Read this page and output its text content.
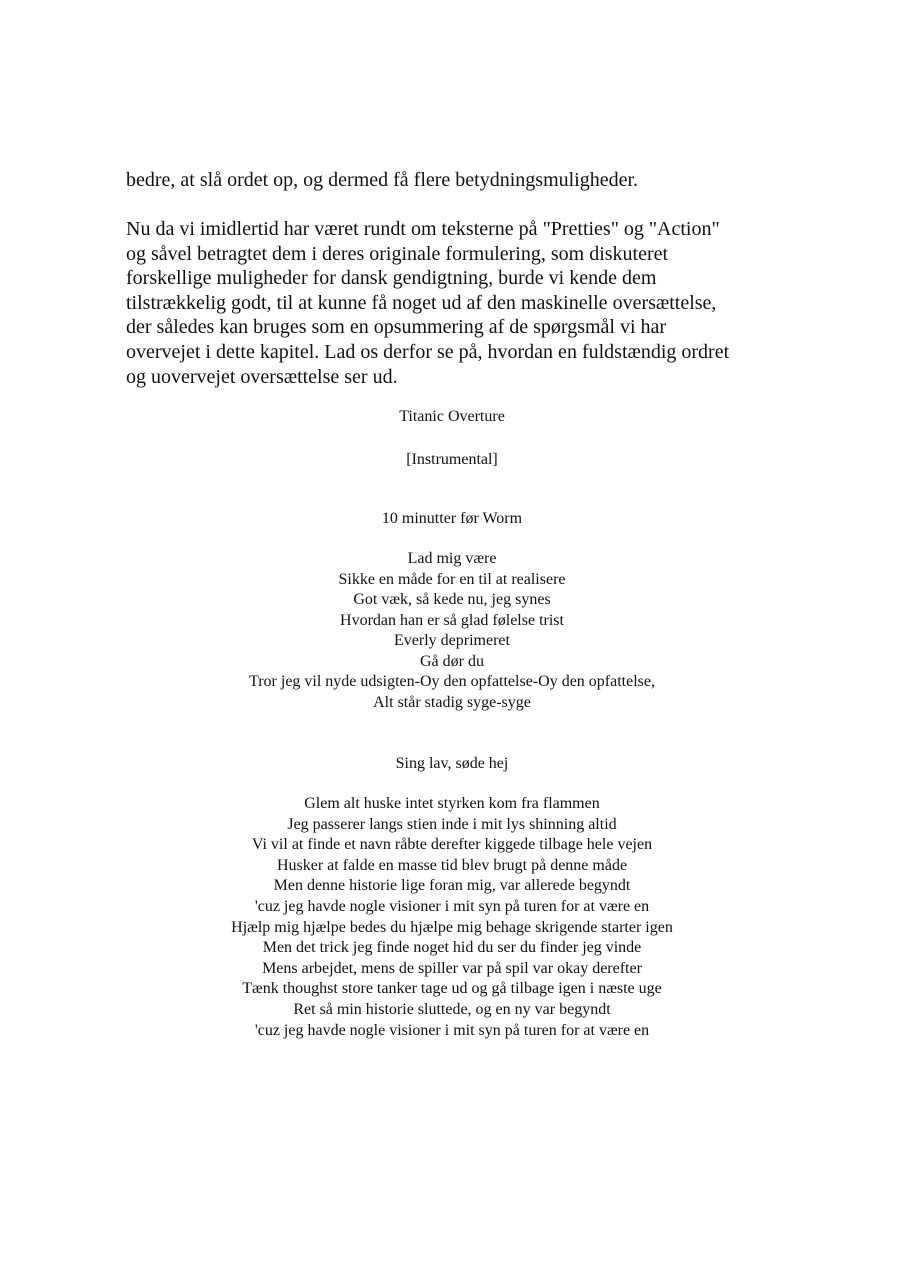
bedre, at slå ordet op, og dermed få flere betydningsmuligheder.

Nu da vi imidlertid har været rundt om teksterne på "Pretties" og "Action"
og såvel betragtet dem i deres originale formulering, som diskuteret
forskellige muligheder for dansk gendigtning, burde vi kende dem
tilstrækkelig godt, til at kunne få noget ud af den maskinelle oversættelse,
der således kan bruges som en opsummering af de spørgsmål vi har
overvejet i dette kapitel. Lad os derfor se på, hvordan en fuldstændig ordret
og uovervejet oversættelse ser ud.

Titanic Overture

[Instrumental]

10 minutter før Worm

Lad mig være
Sikke en måde for en til at realisere
Got væk, så kede nu, jeg synes
Hvordan han er så glad følelse trist
Everly deprimeret
Gå dør du
Tror jeg vil nyde udsigten-Oy den opfattelse-Oy den opfattelse,
Alt står stadig syge-syge

Sing lav, søde hej

Glem alt huske intet styrken kom fra flammen
Jeg passerer langs stien inde i mit lys shinning altid
Vi vil at finde et navn råbte derefter kiggede tilbage hele vejen
Husker at falde en masse tid blev brugt på denne måde
Men denne historie lige foran mig, var allerede begyndt
'cuz jeg havde nogle visioner i mit syn på turen for at være en
Hjælp mig hjælpe bedes du hjælpe mig behage skrigende starter igen
Men det trick jeg finde noget hid du ser du finder jeg vinde
Mens arbejdet, mens de spiller var på spil var okay derefter
Tænk thoughst store tanker tage ud og gå tilbage igen i næste uge
Ret så min historie sluttede, og en ny var begyndt
'cuz jeg havde nogle visioner i mit syn på turen for at være en
